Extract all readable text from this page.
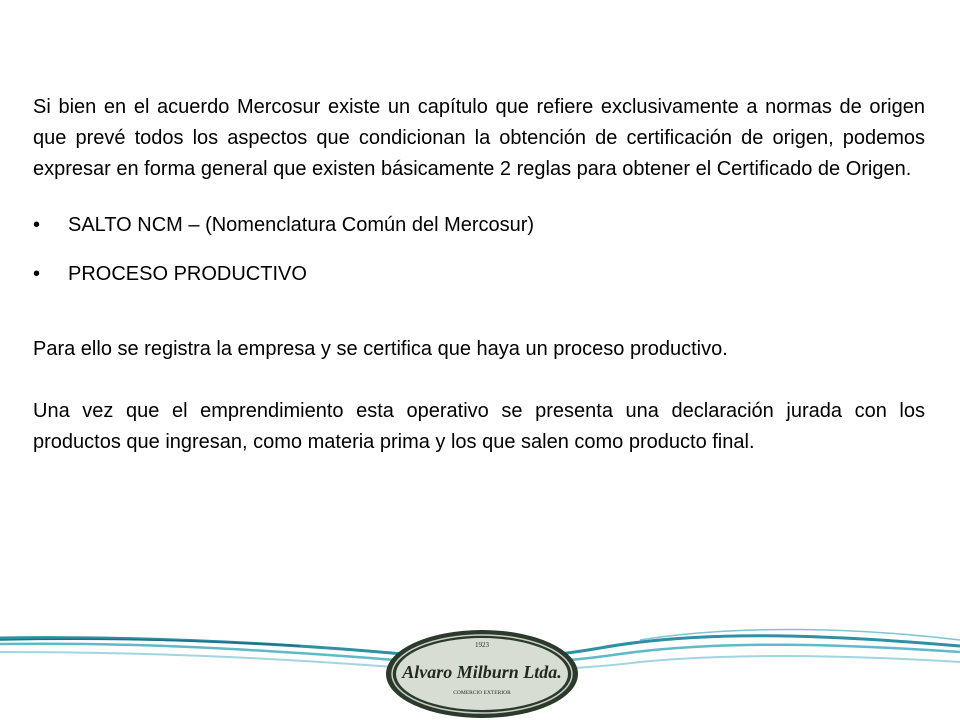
Si bien en el acuerdo Mercosur existe un capítulo que refiere exclusivamente a normas de origen que prevé todos los aspectos que condicionan la obtención de certificación de origen, podemos expresar en forma general que existen básicamente 2 reglas para obtener el Certificado de Origen.

• SALTO NCM – (Nomenclatura Común del Mercosur)
• PROCESO PRODUCTIVO

Para ello se registra la empresa y se certifica que haya un proceso productivo.

Una vez que el emprendimiento esta operativo se presenta una declaración jurada con los productos que ingresan, como materia prima y los que salen como producto final.

1923
Alvaro Milburn Ltda.
COMERCIO EXTERIOR
